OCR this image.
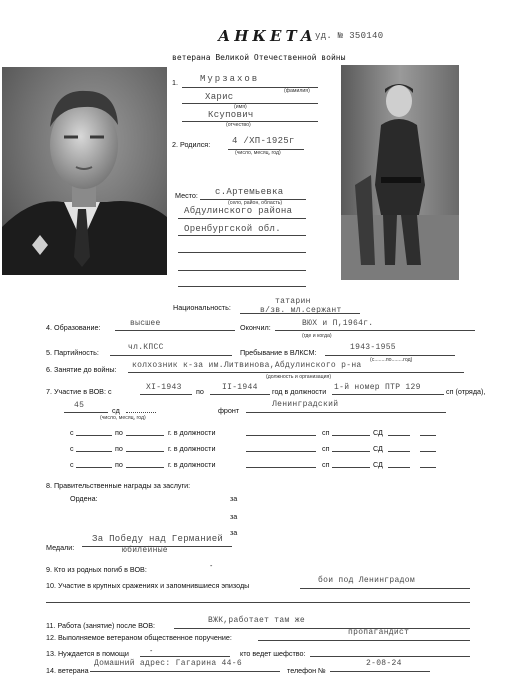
АНКЕТА
уд. № 350140
ветерана Великой Отечественной войны
1. Мурзахов
(фамилия)
Харис
(имя)
Ксупович
(отчество)
2. Родился: 4 /ХП-1925г
(число, месяц, год)
Место: с.Артемьевка
(село, район, область)
Абдулинского района
Оренбургской обл.
Национальность:
татарин
в/зв. мл.сержант
4. Образование:	высшее	Окончил:	ВЮХ и П,1964г.
(где и когда)
5. Партийность:
чл.КПСС
Пребывание в ВЛКСМ:
1943-1955
(с........по........год)
6. Занятие до войны: колхозник к-за им.Литвинова,Абдулинского р-на
(должность и организация)
7. Участие в ВОВ: с	XI-1943 по II-1944 год в должности 1-й номер ПТР 129	сп (отряда),
45
сд	фронт
Ленинградский
(число, месяц, год)
с	по	г. в должности	сп	СД
с	по	г. в должности	сп	СД
с	по	г. в должности	сп	СД
8. Правительственные награды за заслуги:
Ордена:	за
за
за
Медали:
За Победу над Германией
юбилейные
9. Кто из родных погиб в ВОВ:	-
10. Участие в крупных сражениях и запомнившиеся эпизоды
бои под Ленинградом
11. Работа (занятие) после ВОВ:
ВЖК,работает там же
12. Выполняемое ветераном общественное поручение:
пропагандист
13. Нуждается в помощи	-	кто ведет шефство:
14. ветерана
Домашний адрес: Гагарина 44-6
телефон №
2-08-24
